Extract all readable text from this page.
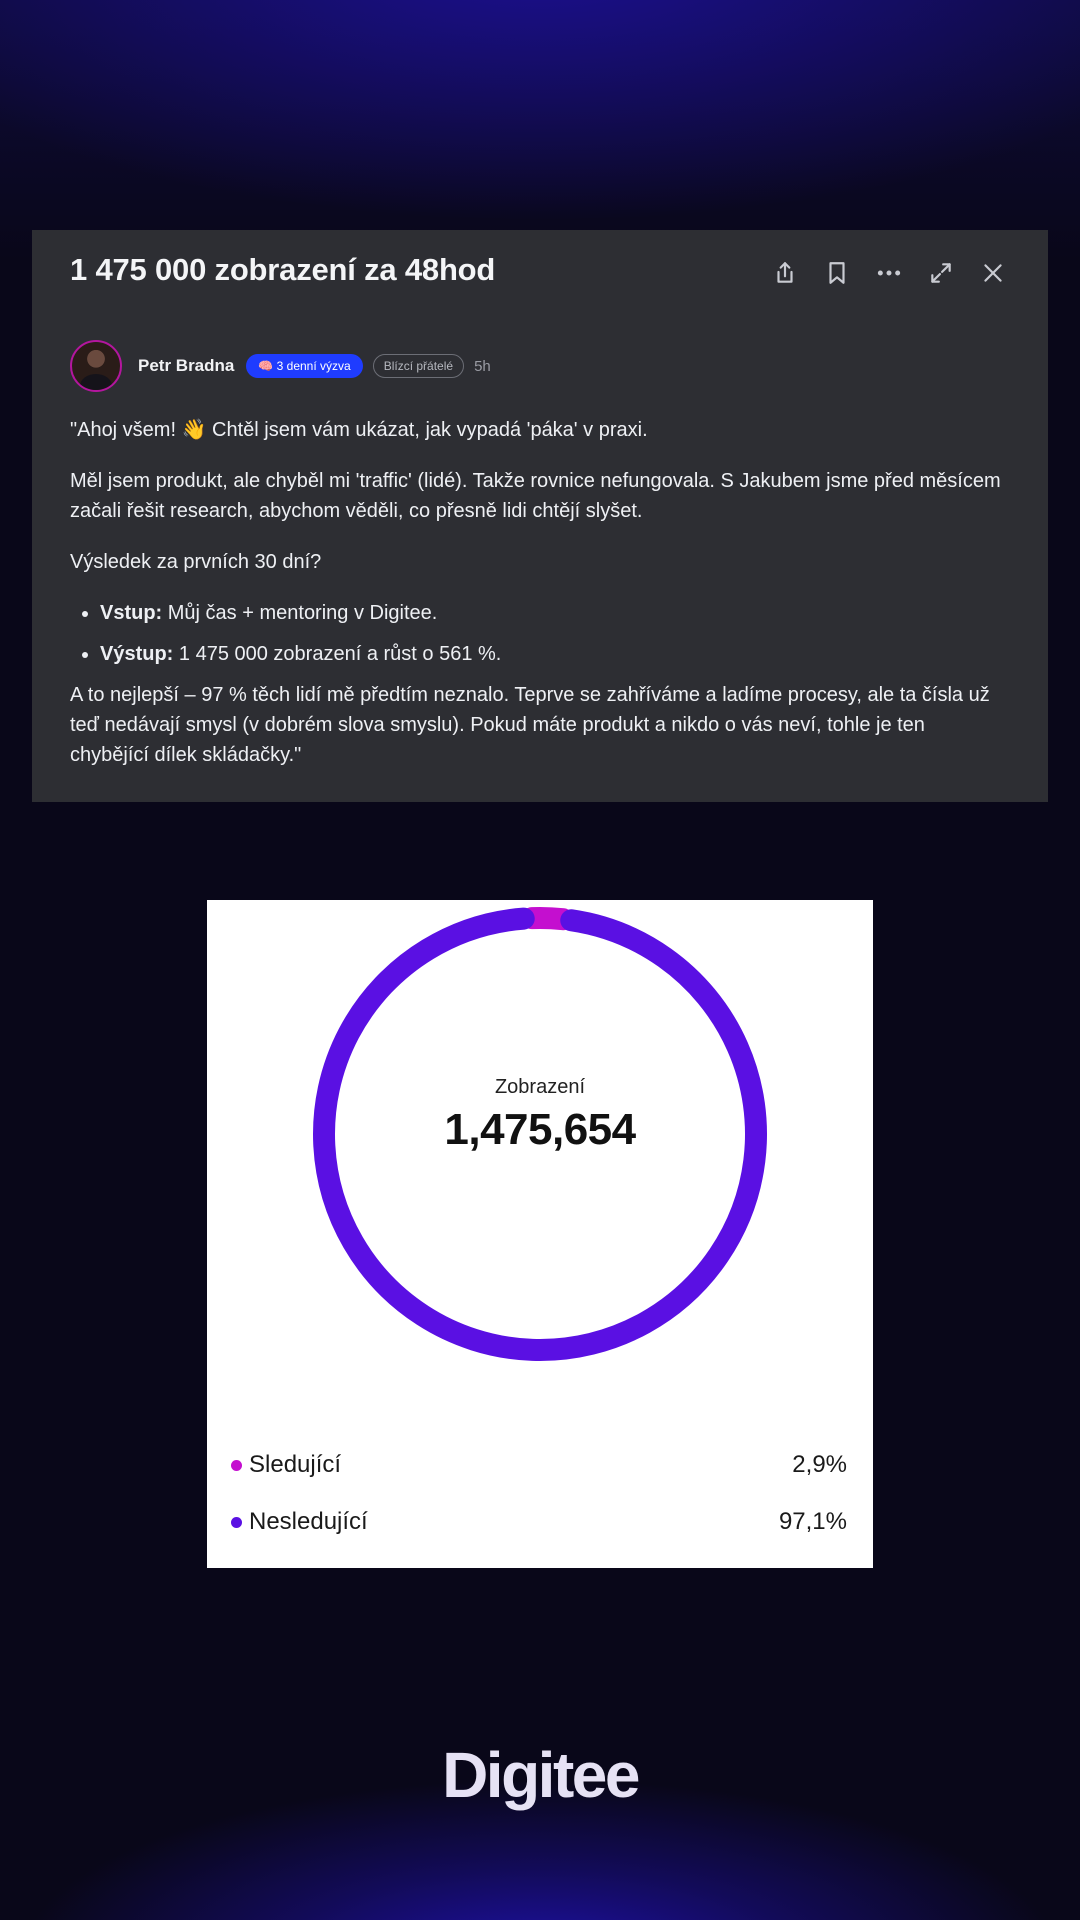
1 475 000 zobrazení za 48hod
Petr Bradna	🧠 3 denní výzva	Blízcí přátelé	5h

"Ahoj všem! 👋 Chtěl jsem vám ukázat, jak vypadá 'páka' v praxi.

Měl jsem produkt, ale chyběl mi 'traffic' (lidé). Takže rovnice nefungovala. S Jakubem jsme před měsícem začali řešit research, abychom věděli, co přesně lidi chtějí slyšet.

Výsledek za prvních 30 dní?

• Vstup: Můj čas + mentoring v Digitee.
• Výstup: 1 475 000 zobrazení a růst o 561 %.

A to nejlepší – 97 % těch lidí mě předtím neznalo. Teprve se zahříváme a ladíme procesy, ale ta čísla už teď nedávají smysl (v dobrém slova smyslu). Pokud máte produkt a nikdo o vás neví, tohle je ten chybějící dílek skládačky."

Zobrazení
1,475,654
Sledující	2,9%
Nesledující	97,1%
Digitee
